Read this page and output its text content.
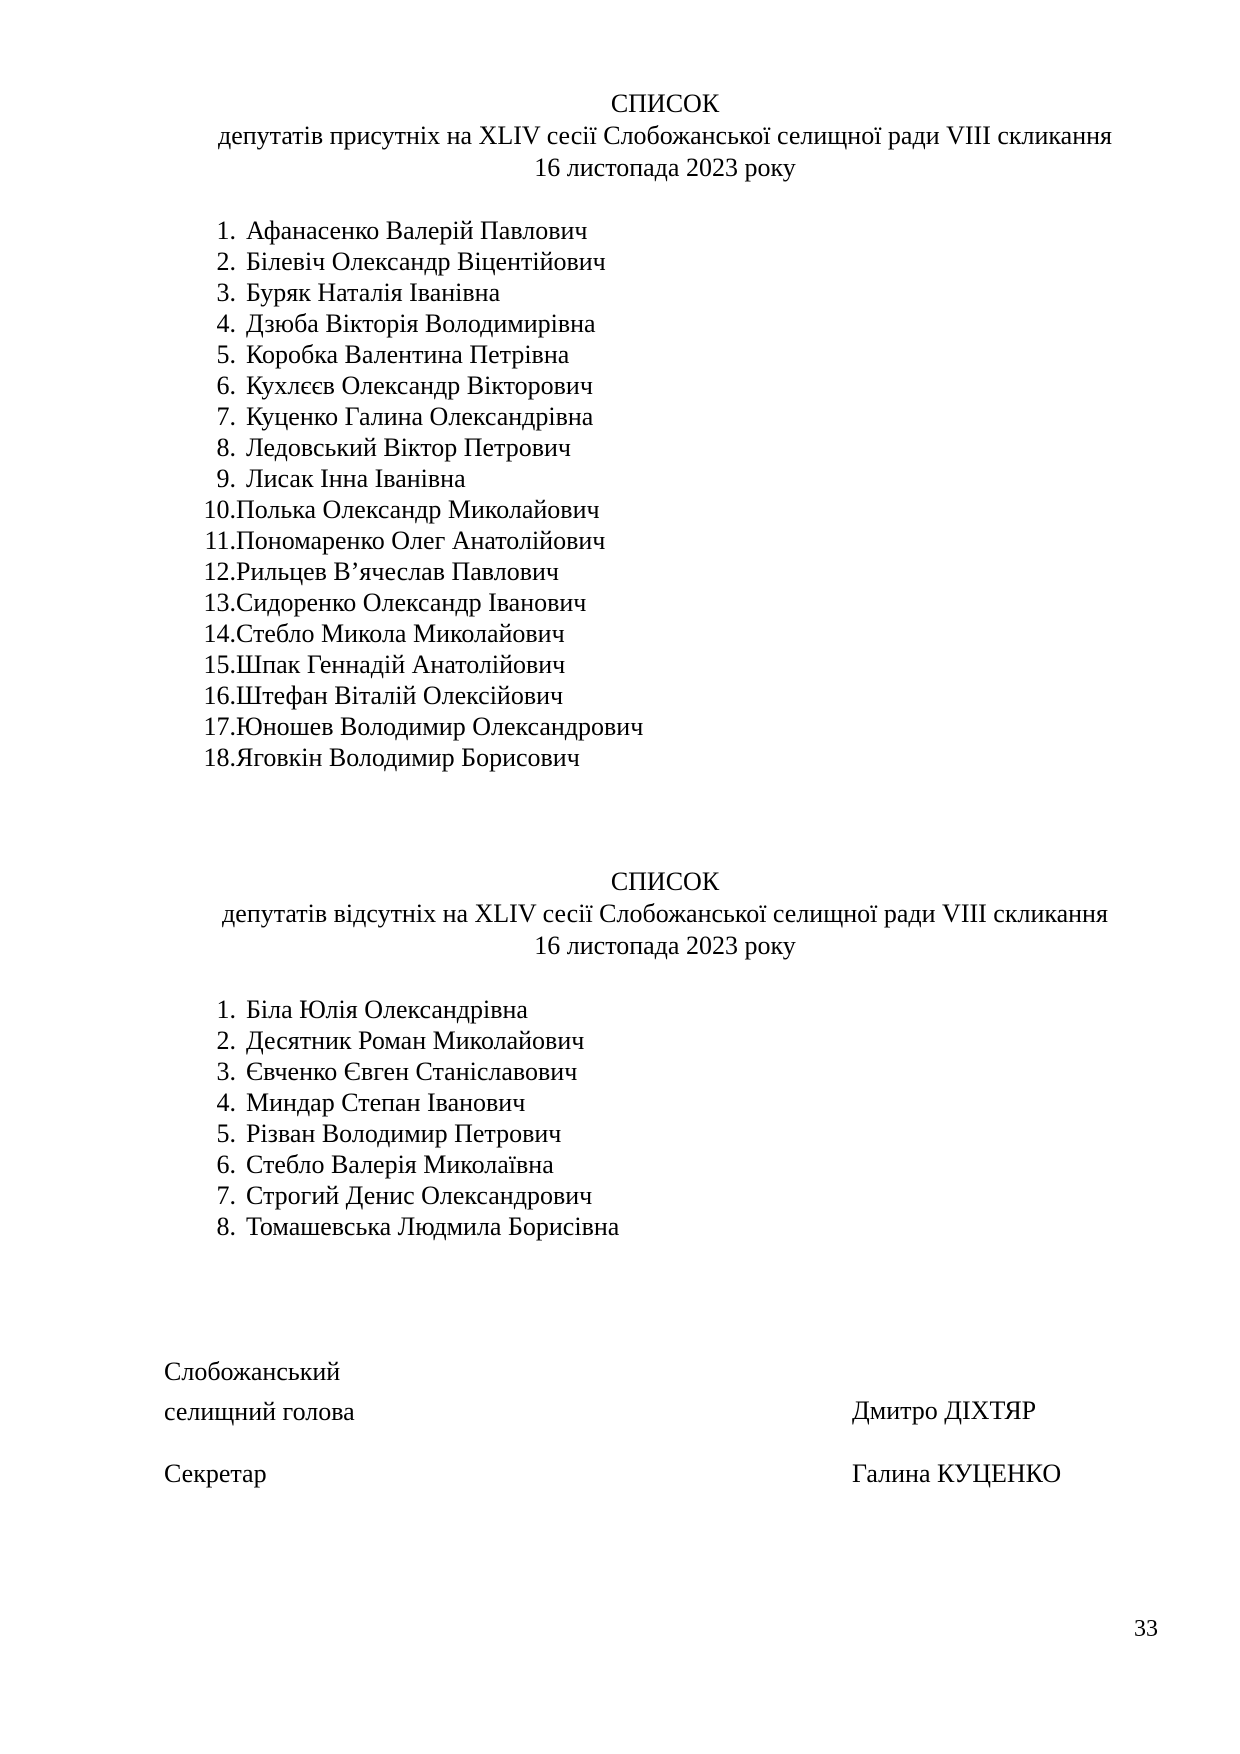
СПИСОК
депутатів присутніх на XLIV сесії Слобожанської селищної ради VIII скликання
16 листопада 2023 року
1. Афанасенко Валерій Павлович
2. Білевіч Олександр Віцентійович
3. Буряк Наталія Іванівна
4. Дзюба Вікторія Володимирівна
5. Коробка Валентина Петрівна
6. Кухлєєв Олександр Вікторович
7. Куценко Галина Олександрівна
8. Ледовський Віктор Петрович
9. Лисак Інна Іванівна
10. Полька Олександр Миколайович
11. Пономаренко Олег Анатолійович
12. Рильцев В’ячеслав Павлович
13. Сидоренко Олександр Іванович
14. Стебло Микола Миколайович
15. Шпак Геннадій Анатолійович
16. Штефан Віталій Олексійович
17. Юношев Володимир Олександрович
18. Яговкін Володимир Борисович
СПИСОК
депутатів відсутніх на XLIV сесії Слобожанської селищної ради VIII скликання
16 листопада 2023 року
1. Біла Юлія Олександрівна
2. Десятник Роман Миколайович
3. Євченко Євген Станіславович
4. Миндар Степан Іванович
5. Різван Володимир Петрович
6. Стебло Валерія Миколаївна
7. Строгий Денис Олександрович
8. Томашевська Людмила Борисівна
Слобожанський
селищний голова	Дмитро ДІХТЯР
Секретар	Галина КУЦЕНКО
33
